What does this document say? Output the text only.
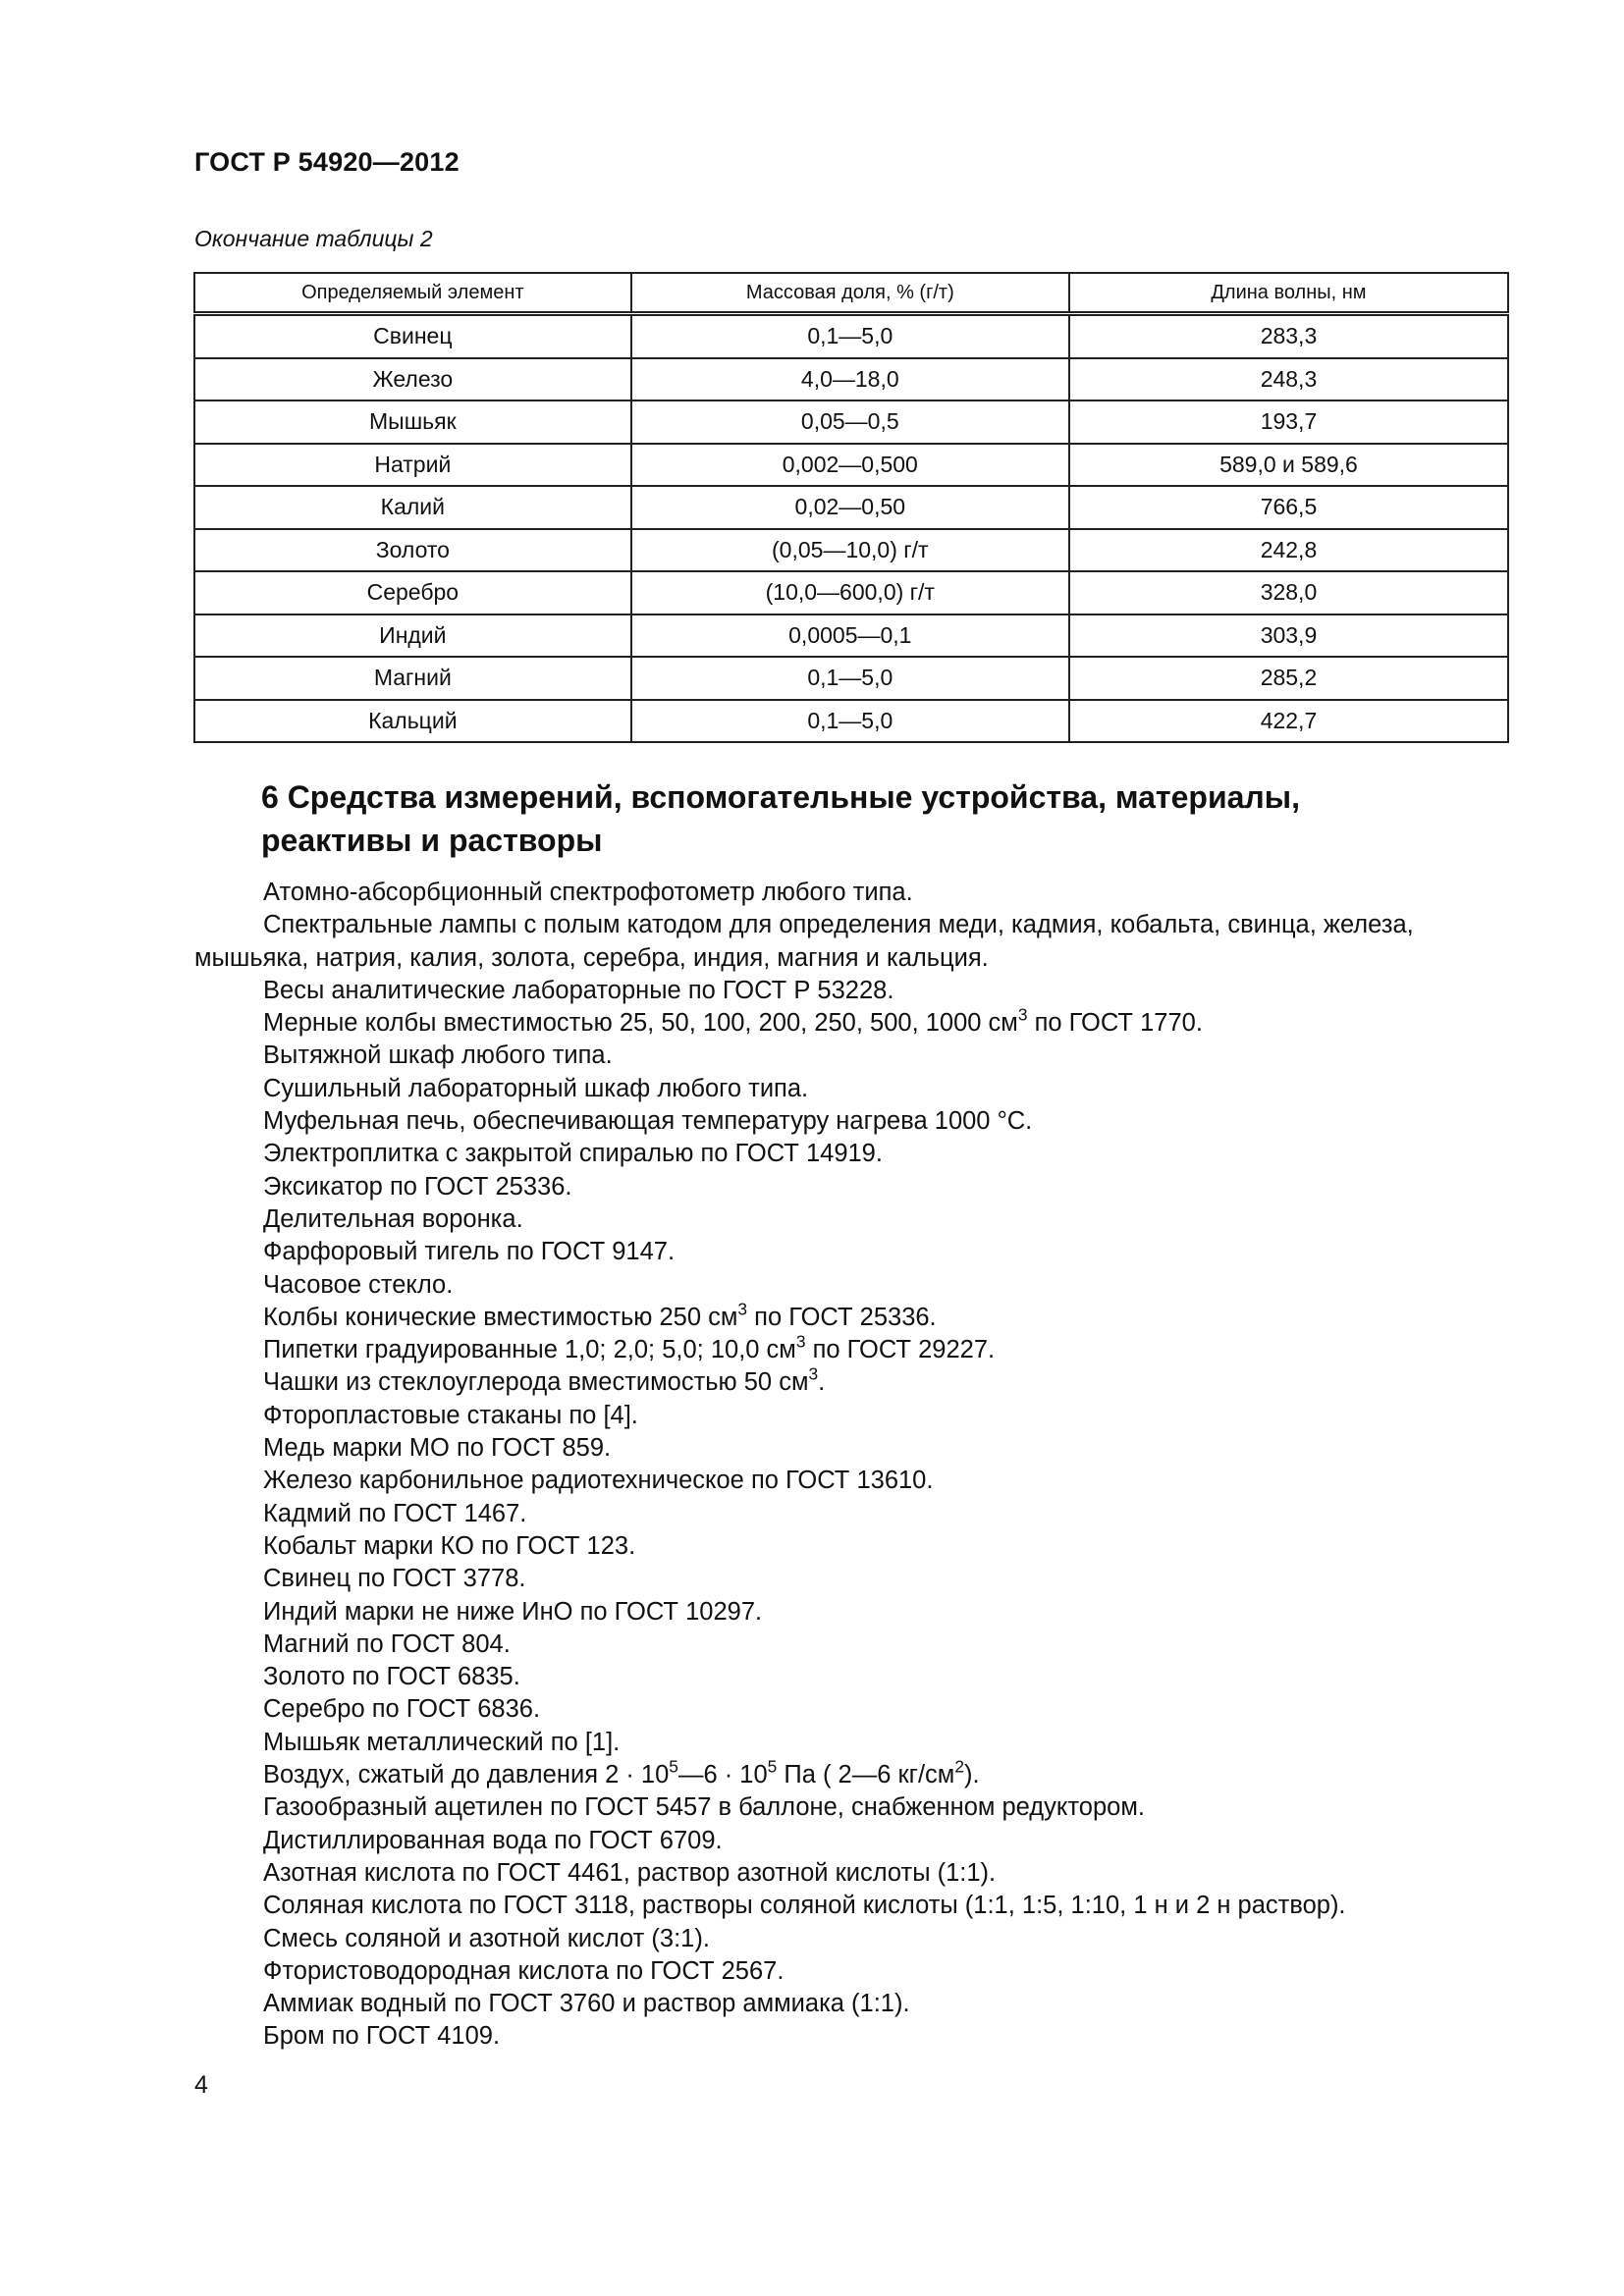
ГОСТ Р 54920—2012
Окончание таблицы 2
Определяемый элемент	Массовая доля, % (г/т)	Длина волны, нм
Свинец	0,1—5,0	283,3
Железо	4,0—18,0	248,3
Мышьяк	0,05—0,5	193,7
Натрий	0,002—0,500	589,0 и 589,6
Калий	0,02—0,50	766,5
Золото	(0,05—10,0) г/т	242,8
Серебро	(10,0—600,0) г/т	328,0
Индий	0,0005—0,1	303,9
Магний	0,1—5,0	285,2
Кальций	0,1—5,0	422,7
6 Средства измерений, вспомогательные устройства, материалы,
реактивы и растворы

Атомно-абсорбционный спектрофотометр любого типа.

Спектральные лампы с полым катодом для определения меди, кадмия, кобальта, свинца, железа, мышьяка, натрия, калия, золота, серебра, индия, магния и кальция.

Весы аналитические лабораторные по ГОСТ Р 53228.

Мерные колбы вместимостью 25, 50, 100, 200, 250, 500, 1000 $см^3$ по ГОСТ 1770.

Вытяжной шкаф любого типа.

Сушильный лабораторный шкаф любого типа.

Муфельная печь, обеспечивающая температуру нагрева 1000 °С.

Электроплитка с закрытой спиралью по ГОСТ 14919.

Эксикатор по ГОСТ 25336.

Делительная воронка.

Фарфоровый тигель по ГОСТ 9147.

Часовое стекло.

Колбы конические вместимостью 250 $см^3$ по ГОСТ 25336.

Пипетки градуированные 1,0; 2,0; 5,0; 10,0 $см^3$ по ГОСТ 29227.

Чашки из стеклоуглерода вместимостью 50 $см^3$.

Фторопластовые стаканы по [4].

Медь марки МО по ГОСТ 859.

Железо карбонильное радиотехническое по ГОСТ 13610.

Кадмий по ГОСТ 1467.

Кобальт марки КО по ГОСТ 123.

Свинец по ГОСТ 3778.

Индий марки не ниже ИнО по ГОСТ 10297.

Магний по ГОСТ 804.

Золото по ГОСТ 6835.

Серебро по ГОСТ 6836.

Мышьяк металлический по [1].

Воздух, сжатый до давления $2 \cdot 10^5—6 \cdot 10^5$ Па ( 2—6 $кг/см^2$).

Газообразный ацетилен по ГОСТ 5457 в баллоне, снабженном редуктором.

Дистиллированная вода по ГОСТ 6709.

Азотная кислота по ГОСТ 4461, раствор азотной кислоты (1:1).

Соляная кислота по ГОСТ 3118, растворы соляной кислоты (1:1, 1:5, 1:10, 1 н и 2 н раствор).

Смесь соляной и азотной кислот (3:1).

Фтористоводородная кислота по ГОСТ 2567.

Аммиак водный по ГОСТ 3760 и раствор аммиака (1:1).

Бром по ГОСТ 4109.

4
